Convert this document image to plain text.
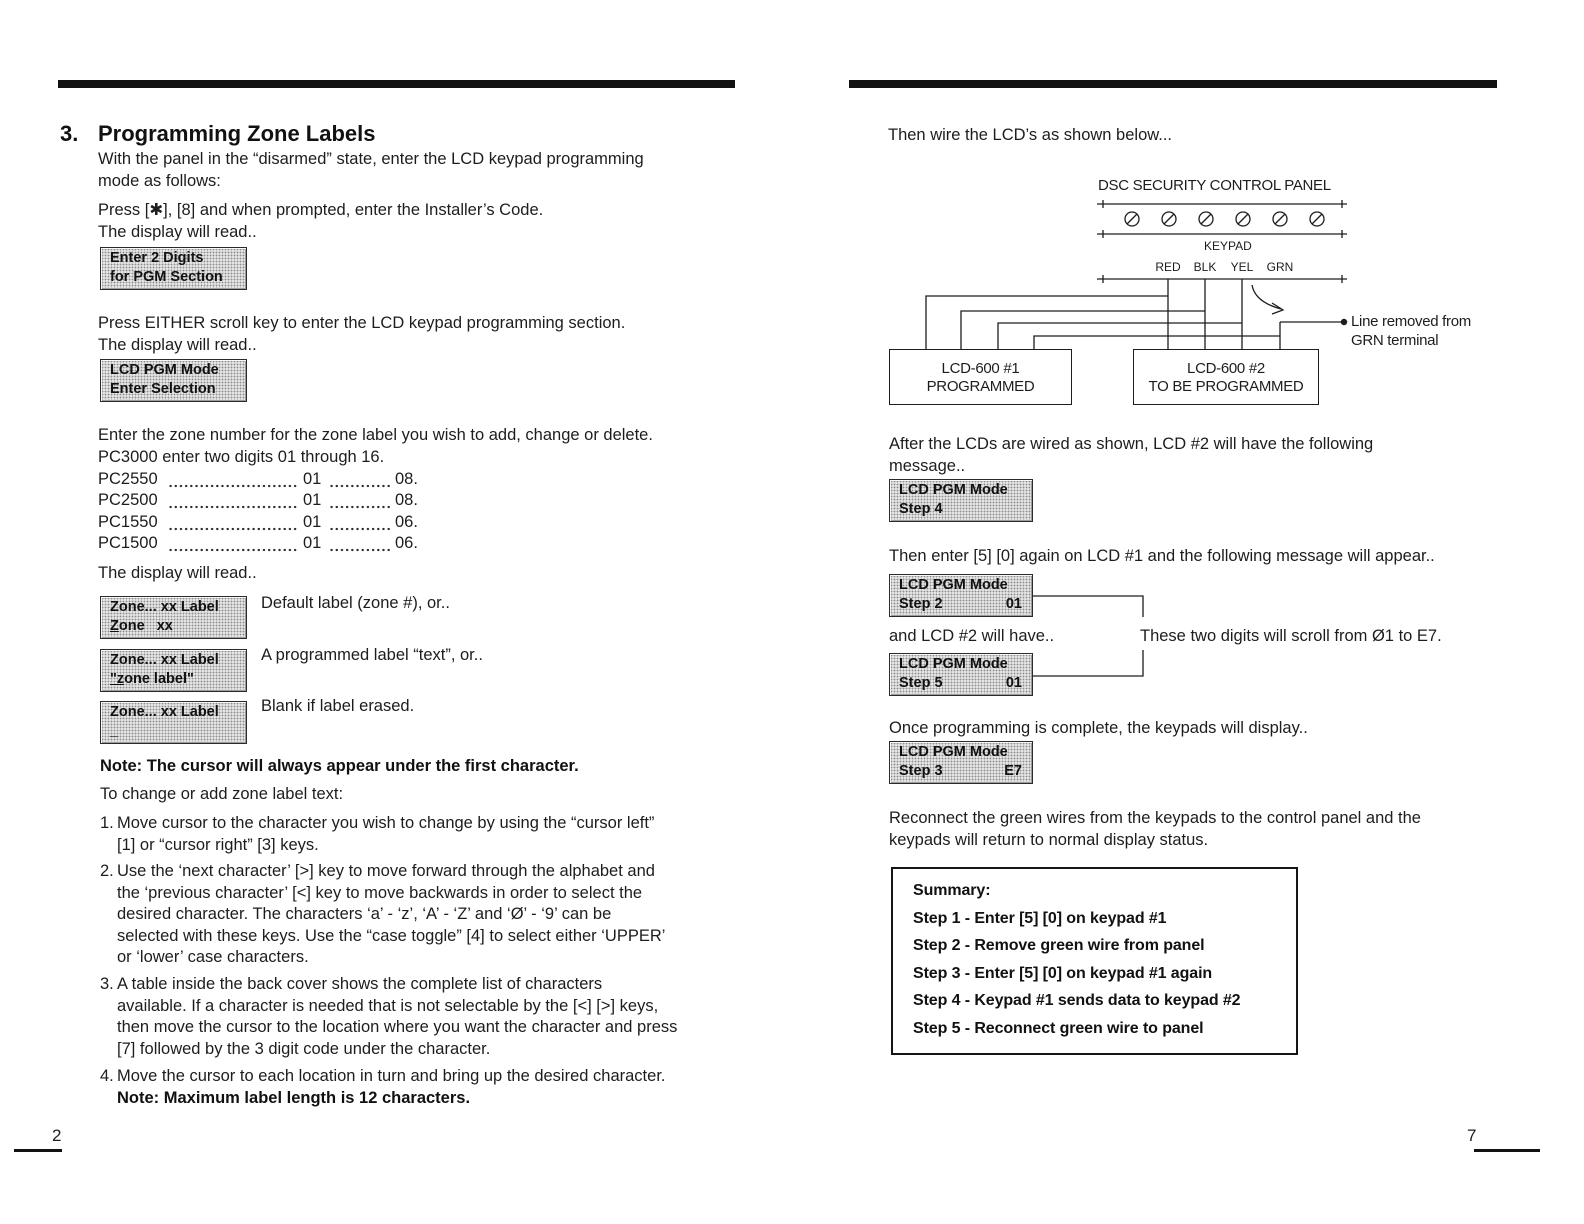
3. Programming Zone Labels
With the panel in the “disarmed” state, enter the LCD keypad programming
mode as follows:
Press [✱], [8] and when prompted, enter the Installer’s Code.
The display will read..
Enter 2 Digits
for PGM Section
Press EITHER scroll key to enter the LCD keypad programming section.
The display will read..
LCD PGM Mode
Enter Selection
Enter the zone number for the zone label you wish to add, change or delete.
PC3000 enter two digits 01 through 16.
PC2550	01	08.
PC2500	01	08.
PC1550	01	06.
PC1500	01	06.
The display will read..
Zone... xx Label
Zone   xx
Default label (zone #), or..
Zone... xx Label
"zone label"
A programmed label “text”, or..
Zone... xx Label
_
Blank if label erased.
Note: The cursor will always appear under the first character.
To change or add zone label text:
1. Move cursor to the character you wish to change by using the “cursor left”
[1] or “cursor right” [3] keys.
2. Use the ‘next character’ [>] key to move forward through the alphabet and
the ‘previous character’ [<] key to move backwards in order to select the
desired character. The characters ‘a’ - ‘z’, ‘A’ - ‘Z’ and ‘Ø’ - ‘9’ can be
selected with these keys. Use the “case toggle” [4] to select either ‘UPPER’
or ‘lower’ case characters.
3. A table inside the back cover shows the complete list of characters
available. If a character is needed that is not selectable by the [<] [>] keys,
then move the cursor to the location where you want the character and press
[7] followed by the 3 digit code under the character.
4. Move the cursor to each location in turn and bring up the desired character.
Note: Maximum label length is 12 characters.
2
Then wire the LCD’s as shown below...
DSC SECURITY CONTROL PANEL
KEYPAD
RED	BLK	YEL	GRN
LCD-600 #1
PROGRAMMED
LCD-600 #2
TO BE PROGRAMMED
Line removed from
GRN terminal
After the LCDs are wired as shown, LCD #2 will have the following
message..
LCD PGM Mode
Step 4
Then enter [5] [0] again on LCD #1 and the following message will appear..
LCD PGM Mode
Step 2	01
and LCD #2 will have..	These two digits will scroll from Ø1 to E7.
LCD PGM Mode
Step 5	01
Once programming is complete, the keypads will display..
LCD PGM Mode
Step 3	E7
Reconnect the green wires from the keypads to the control panel and the
keypads will return to normal display status.
Summary:
Step 1 - Enter [5] [0] on keypad #1
Step 2 - Remove green wire from panel
Step 3 - Enter [5] [0] on keypad #1 again
Step 4 - Keypad #1 sends data to keypad #2
Step 5 - Reconnect green wire to panel
7
